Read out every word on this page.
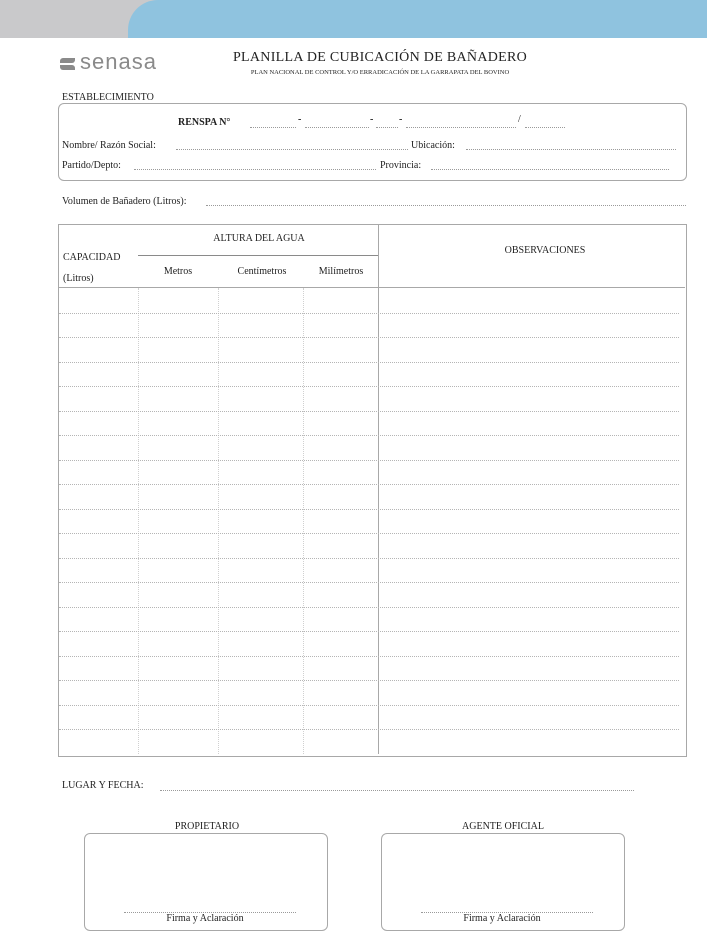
senasa	PLANILLA DE CUBICACIÓN DE BAÑADERO
PLAN NACIONAL DE CONTROL Y/O ERRADICACIÓN DE LA GARRAPATA DEL BOVINO
ESTABLECIMIENTO
RENSPA N°	-	-	-	/
Nombre/ Razón Social:	Ubicación:
Partido/Depto:	Provincia:
Volumen de Bañadero (Litros):
ALTURA DEL AGUA
CAPACIDAD
(Litros)
Metros	Centímetros	Milímetros
OBSERVACIONES
LUGAR Y FECHA:
PROPIETARIO
Firma y Aclaración
AGENTE OFICIAL
Firma y Aclaración
